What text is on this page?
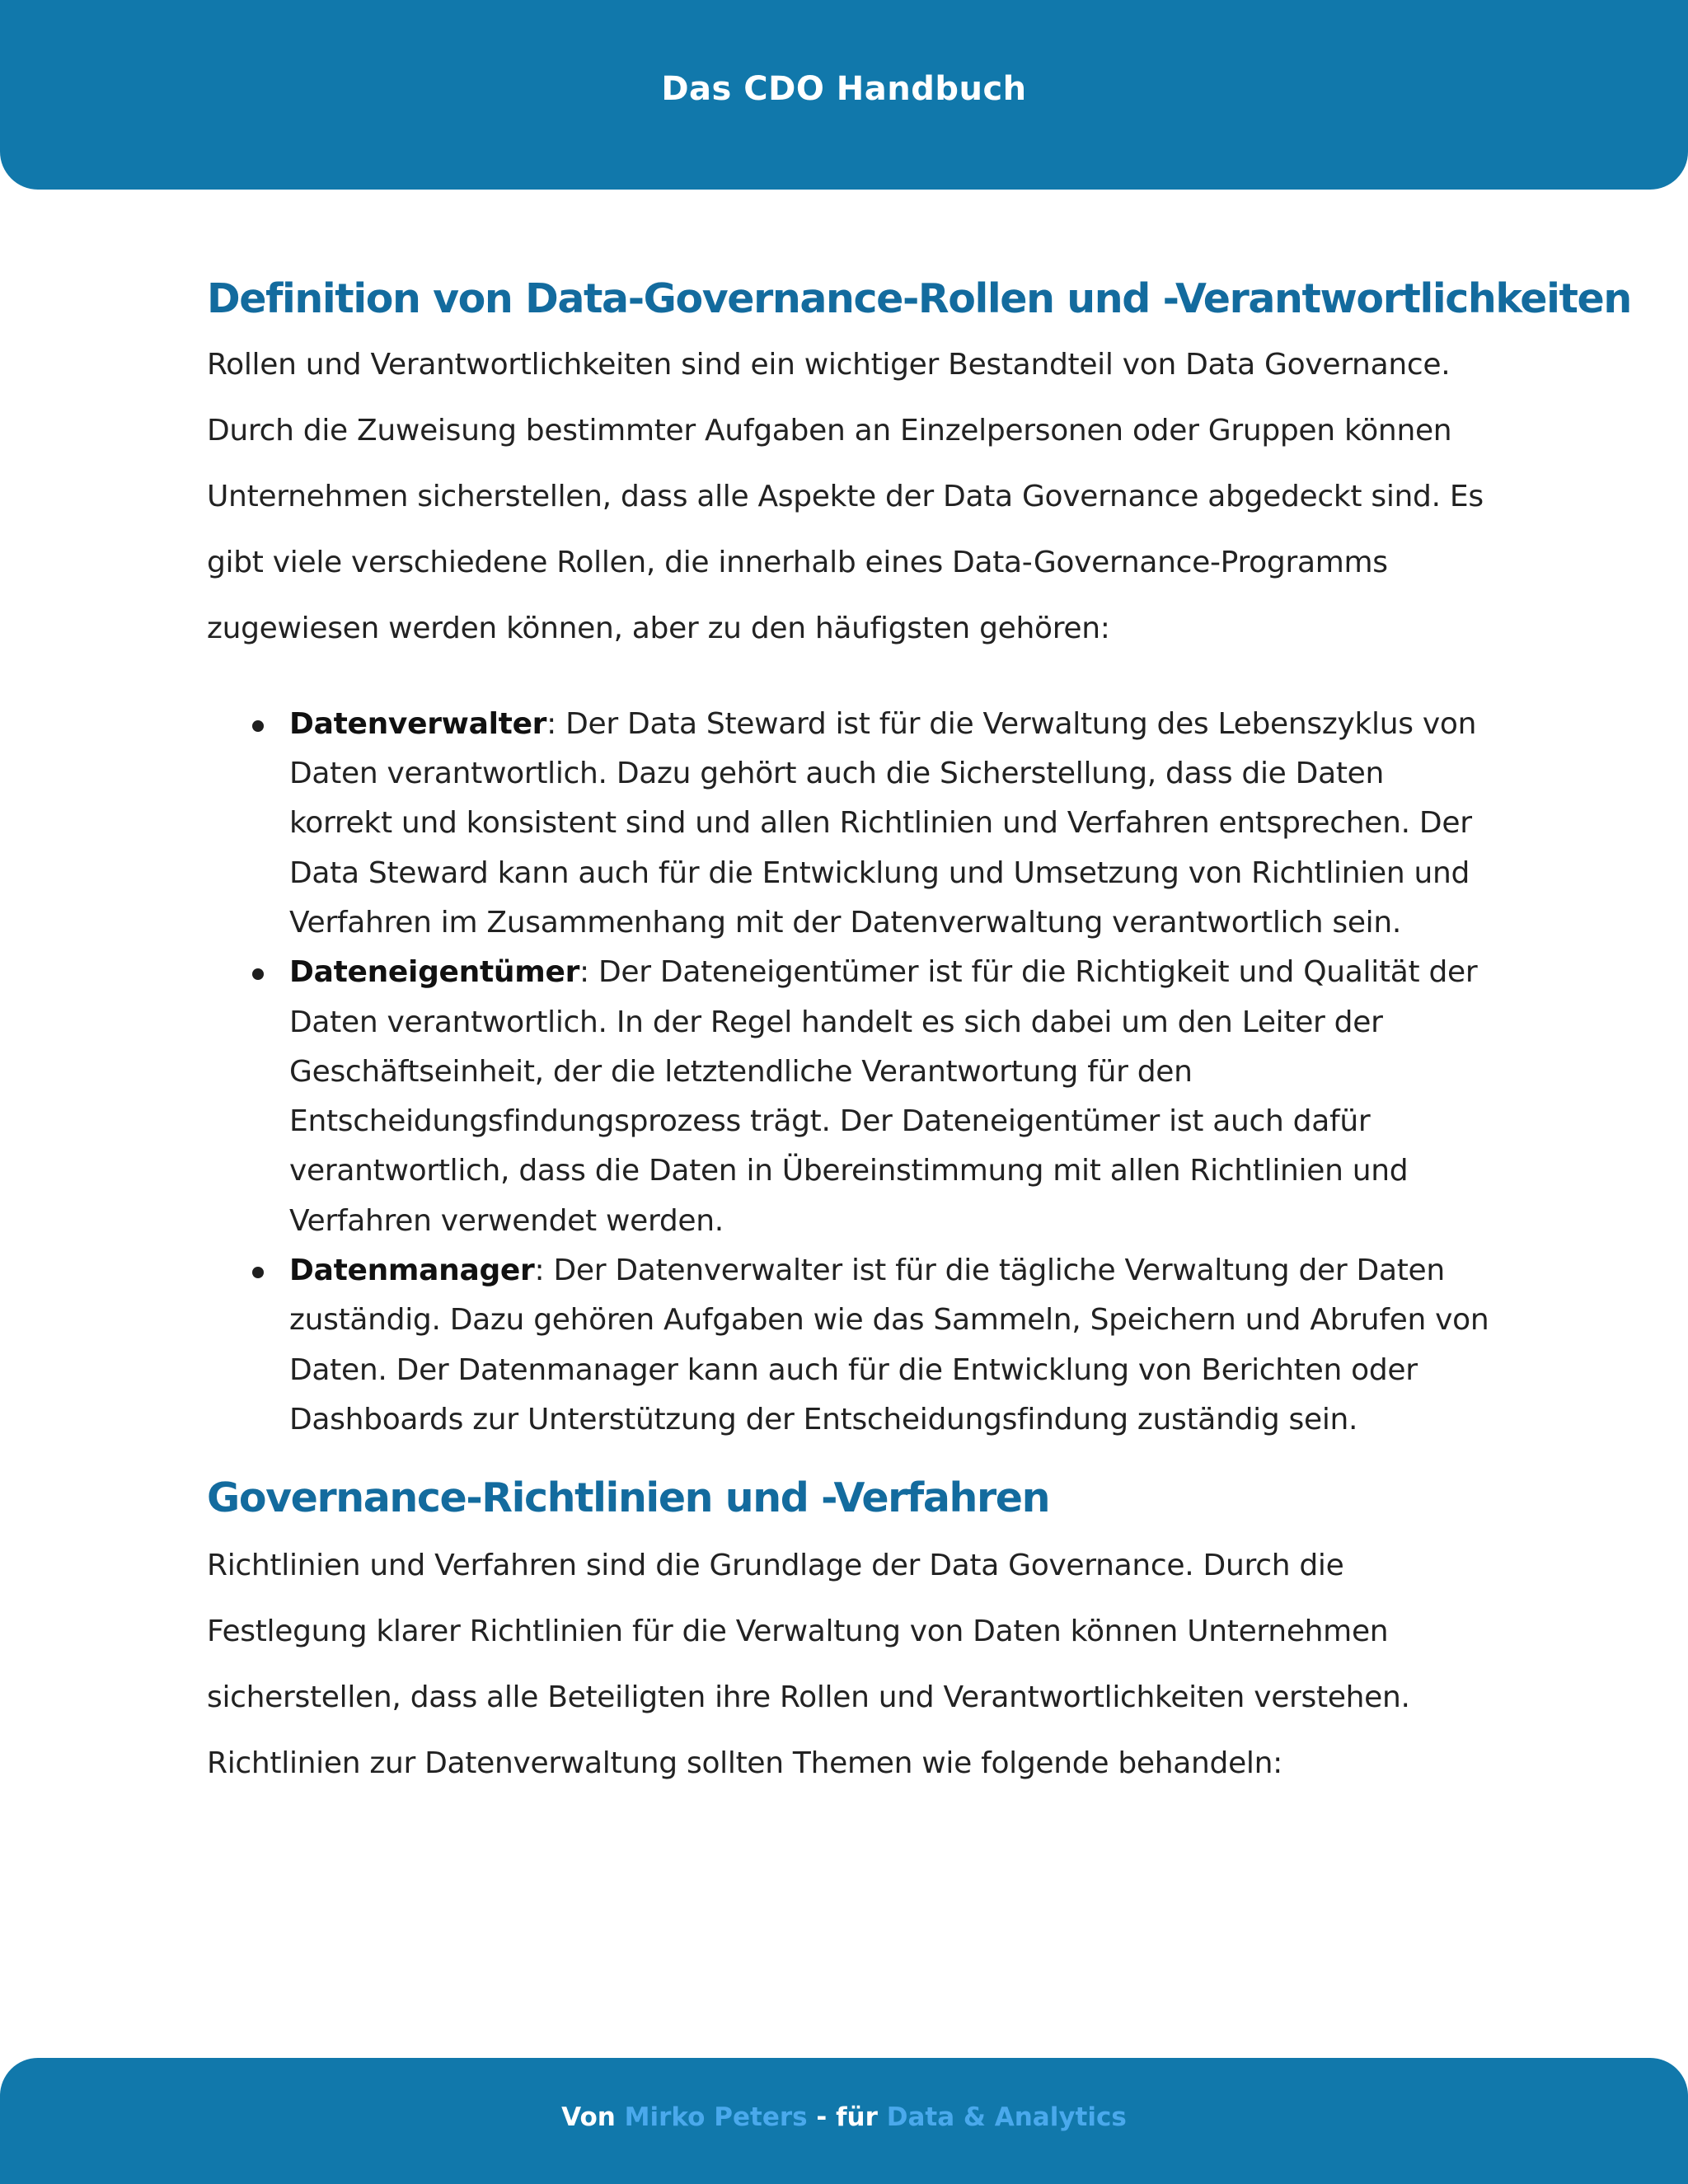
Das CDO Handbuch
Definition von Data-Governance-Rollen und -Verantwortlichkeiten

Rollen und Verantwortlichkeiten sind ein wichtiger Bestandteil von Data Governance. Durch die Zuweisung bestimmter Aufgaben an Einzelpersonen oder Gruppen können Unternehmen sicherstellen, dass alle Aspekte der Data Governance abgedeckt sind. Es gibt viele verschiedene Rollen, die innerhalb eines Data-Governance-Programms zugewiesen werden können, aber zu den häufigsten gehören:

Datenverwalter: Der Data Steward ist für die Verwaltung des Lebenszyklus von Daten verantwortlich. Dazu gehört auch die Sicherstellung, dass die Daten korrekt und konsistent sind und allen Richtlinien und Verfahren entsprechen. Der Data Steward kann auch für die Entwicklung und Umsetzung von Richtlinien und Verfahren im Zusammenhang mit der Datenverwaltung verantwortlich sein.
Dateneigentümer: Der Dateneigentümer ist für die Richtigkeit und Qualität der Daten verantwortlich. In der Regel handelt es sich dabei um den Leiter der Geschäftseinheit, der die letztendliche Verantwortung für den Entscheidungsfindungsprozess trägt. Der Dateneigentümer ist auch dafür verantwortlich, dass die Daten in Übereinstimmung mit allen Richtlinien und Verfahren verwendet werden.
Datenmanager: Der Datenverwalter ist für die tägliche Verwaltung der Daten zuständig. Dazu gehören Aufgaben wie das Sammeln, Speichern und Abrufen von Daten. Der Datenmanager kann auch für die Entwicklung von Berichten oder Dashboards zur Unterstützung der Entscheidungsfindung zuständig sein.
Governance-Richtlinien und -Verfahren

Richtlinien und Verfahren sind die Grundlage der Data Governance. Durch die Festlegung klarer Richtlinien für die Verwaltung von Daten können Unternehmen sicherstellen, dass alle Beteiligten ihre Rollen und Verantwortlichkeiten verstehen. Richtlinien zur Datenverwaltung sollten Themen wie folgende behandeln:

Von Mirko Peters - für Data & Analytics
